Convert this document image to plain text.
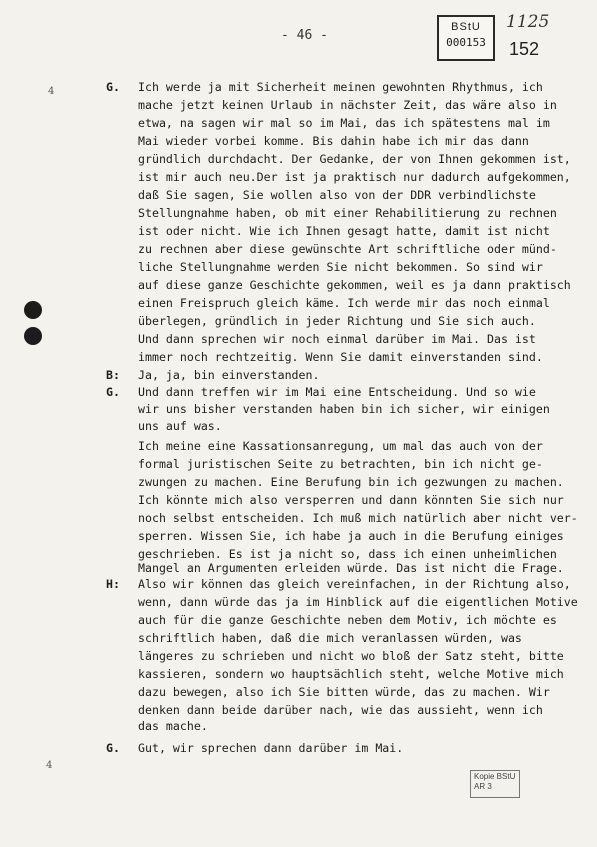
- 46 -
BStU
000153
1125
152
4
4
G.
B:
G.
H:
G.
Ich werde ja mit Sicherheit meinen gewohnten Rhythmus, ich
mache jetzt keinen Urlaub in nächster Zeit, das wäre also in
etwa, na sagen wir mal so im Mai, das ich spätestens mal im
Mai wieder vorbei komme. Bis dahin habe ich mir das dann
gründlich durchdacht. Der Gedanke, der von Ihnen gekommen ist,
ist mir auch neu.Der ist ja praktisch nur dadurch aufgekommen,
daß Sie sagen, Sie wollen also von der DDR verbindlichste
Stellungnahme haben, ob mit einer Rehabilitierung zu rechnen
ist oder nicht. Wie ich Ihnen gesagt hatte, damit ist nicht
zu rechnen aber diese gewünschte Art schriftliche oder münd-
liche Stellungnahme werden Sie nicht bekommen. So sind wir
auf diese ganze Geschichte gekommen, weil es ja dann praktisch
einen Freispruch gleich käme. Ich werde mir das noch einmal
überlegen, gründlich in jeder Richtung und Sie sich auch.
Und dann sprechen wir noch einmal darüber im Mai. Das ist
immer noch rechtzeitig. Wenn Sie damit einverstanden sind.
Ja, ja, bin einverstanden.
Und dann treffen wir im Mai eine Entscheidung. Und so wie
wir uns bisher verstanden haben bin ich sicher, wir einigen
uns auf was.
Ich meine eine Kassationsanregung, um mal das auch von der
formal juristischen Seite zu betrachten, bin ich nicht ge-
zwungen zu machen. Eine Berufung bin ich gezwungen zu machen.
Ich könnte mich also versperren und dann könnten Sie sich nur
noch selbst entscheiden. Ich muß mich natürlich aber nicht ver-
sperren. Wissen Sie, ich habe ja auch in die Berufung einiges
geschrieben. Es ist ja nicht so, dass ich einen unheimlichen
Mangel an Argumenten erleiden würde. Das ist nicht die Frage.
Also wir können das gleich vereinfachen, in der Richtung also,
wenn, dann würde das ja im Hinblick auf die eigentlichen Motive
auch für die ganze Geschichte neben dem Motiv, ich möchte es
schriftlich haben, daß die mich veranlassen würden, was
längeres zu schrieben und nicht wo bloß der Satz steht, bitte
kassieren, sondern wo hauptsächlich steht, welche Motive mich
dazu bewegen, also ich Sie bitten würde, das zu machen. Wir
denken dann beide darüber nach, wie das aussieht, wenn ich
das mache.
Gut, wir sprechen dann darüber im Mai.
Kopie BStU
AR 3
